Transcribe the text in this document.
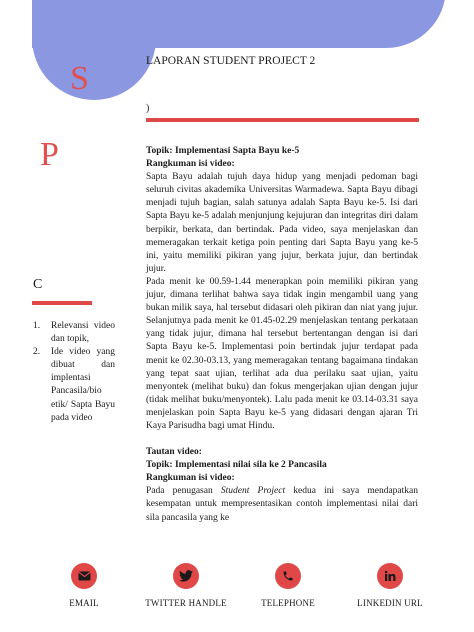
S
P
C
1.	Relevansi video dan topik,
2.	Ide video yang dibuat dan implentasi Pancasila/bio etik/ Sapta Bayu pada video
LAPORAN STUDENT PROJECT 2
)

Topik: Implementasi Sapta Bayu ke-5

Rangkuman isi video:

Sapta Bayu adalah tujuh daya hidup yang menjadi pedoman bagi seluruh civitas akademika Universitas Warmadewa. Sapta Bayu dibagi menjadi tujuh bagian, salah satunya adalah Sapta Bayu ke-5. Isi dari Sapta Bayu ke-5 adalah menjunjung kejujuran dan integritas diri dalam berpikir, berkata, dan bertindak. Pada video, saya menjelaskan dan memeragakan terkait ketiga poin penting dari Sapta Bayu yang ke-5 ini, yaitu memiliki pikiran yang jujur, berkata jujur, dan bertindak jujur.

Pada menit ke 00.59-1.44 menerapkan poin memiliki pikiran yang jujur, dimana terlihat bahwa saya tidak ingin mengambil uang yang bukan milik saya, hal tersebut didasari oleh pikiran dan niat yang jujur. Selanjutnya pada menit ke 01.45-02.29 menjelaskan tentang perkataan yang tidak jujur, dimana hal tersebut bertentangan dengan isi dari Sapta Bayu ke-5. Implementasi poin bertindak jujur terdapat pada menit ke 02.30-03.13, yang memeragakan tentang bagaimana tindakan yang tepat saat ujian, terlihat ada dua perilaku saat ujian, yaitu menyontek (melihat buku) dan fokus mengerjakan ujian dengan jujur (tidak melihat buku/menyontek). Lalu pada menit ke 03.14-03.31 saya menjelaskan poin Sapta Bayu ke-5 yang didasari dengan ajaran Tri Kaya Parisudha bagi umat Hindu.

Tautan video:

Topik: Implementasi nilai sila ke 2 Pancasila

Rangkuman isi video:

Pada penugasan Student Project kedua ini saya mendapatkan kesempatan untuk mempresentasikan contoh implementasi nilai dari sila pancasila yang ke

EMAIL	TWITTER HANDLE	TELEPHONE	LINKEDIN URL
